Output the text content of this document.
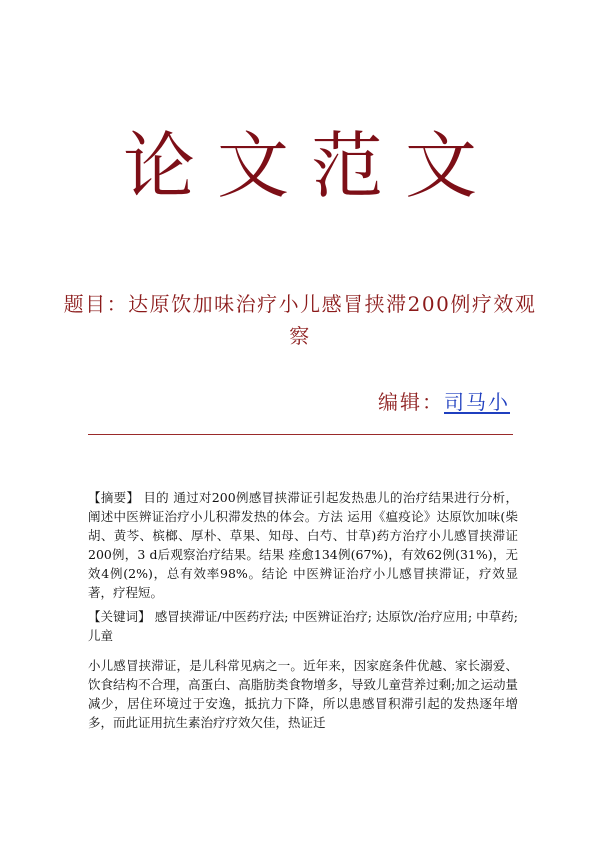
论文范文
题目：达原饮加味治疗小儿感冒挟滞200例疗效观察
编辑：司马小
【摘要】 目的 通过对200例感冒挟滞证引起发热患儿的治疗结果进行分析，阐述中医辨证治疗小儿积滞发热的体会。方法 运用《瘟疫论》达原饮加味(柴胡、黄芩、槟榔、厚朴、草果、知母、白芍、甘草)药方治疗小儿感冒挟滞证200例，3 d后观察治疗结果。结果 痊愈134例(67%)，有效62例(31%)，无效4例(2%)，总有效率98%。结论 中医辨证治疗小儿感冒挟滞证，疗效显著，疗程短。
【关键词】 感冒挟滞证/中医药疗法; 中医辨证治疗; 达原饮/治疗应用; 中草药; 儿童
小儿感冒挟滞证，是儿科常见病之一。近年来，因家庭条件优越、家长溺爱、饮食结构不合理，高蛋白、高脂肪类食物增多，导致儿童营养过剩;加之运动量减少，居住环境过于安逸，抵抗力下降，所以患感冒积滞引起的发热逐年增多，而此证用抗生素治疗疗效欠佳，热证迁
